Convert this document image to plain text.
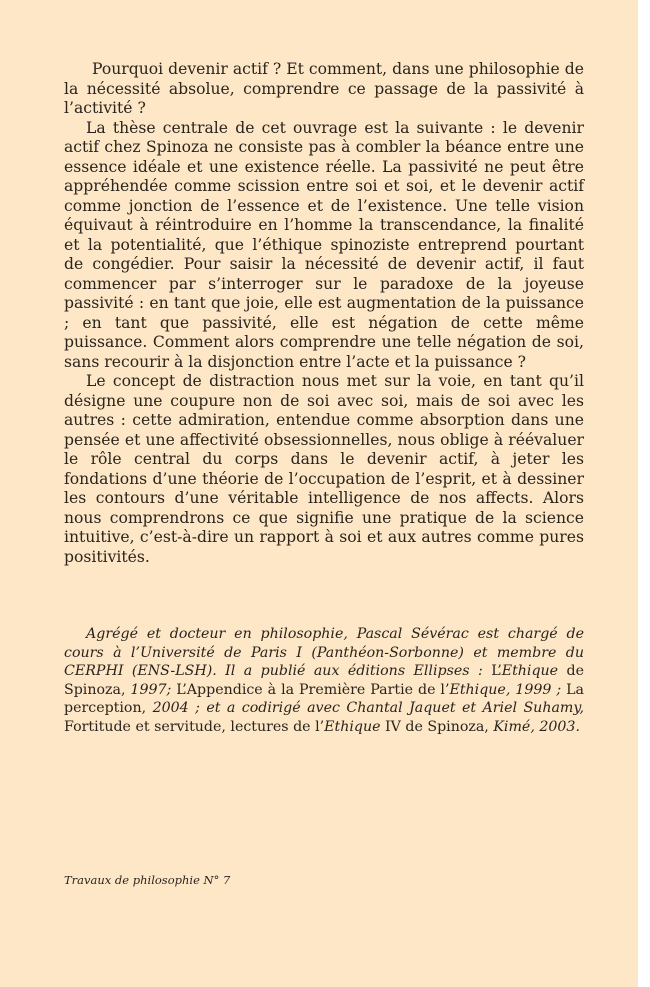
Pourquoi devenir actif ? Et comment, dans une philosophie de la nécessité absolue, comprendre ce passage de la passivité à l’activité ?

La thèse centrale de cet ouvrage est la suivante : le devenir actif chez Spinoza ne consiste pas à combler la béance entre une essence idéale et une existence réelle. La passivité ne peut être appréhendée comme scission entre soi et soi, et le devenir actif comme jonction de l’essence et de l’existence. Une telle vision équivaut à réintroduire en l’homme la transcendance, la finalité et la potentialité, que l’éthique spinoziste entreprend pourtant de congédier. Pour saisir la nécessité de devenir actif, il faut commencer par s’interroger sur le paradoxe de la joyeuse passivité : en tant que joie, elle est augmentation de la puissance ; en tant que passivité, elle est négation de cette même puissance. Comment alors comprendre une telle négation de soi, sans recourir à la disjonction entre l’acte et la puissance ?

Le concept de distraction nous met sur la voie, en tant qu’il désigne une coupure non de soi avec soi, mais de soi avec les autres : cette admiration, entendue comme absorption dans une pensée et une affectivité obsessionnelles, nous oblige à réévaluer le rôle central du corps dans le devenir actif, à jeter les fondations d’une théorie de l’occupation de l’esprit, et à dessiner les contours d’une véritable intelligence de nos affects. Alors nous comprendrons ce que signifie une pratique de la science intuitive, c’est-à-dire un rapport à soi et aux autres comme pures positivités.

Agrégé et docteur en philosophie, Pascal Sévérac est chargé de cours à l’Université de Paris I (Panthéon-Sorbonne) et membre du CERPHI (ENS-LSH). Il a publié aux éditions Ellipses : L’Ethique de Spinoza, 1997; L’Appendice à la Première Partie de l’Ethique, 1999 ; La perception, 2004 ; et a codirigé avec Chantal Jaquet et Ariel Suhamy, Fortitude et servitude, lectures de l’Ethique IV de Spinoza, Kimé, 2003.
Travaux de philosophie N° 7
